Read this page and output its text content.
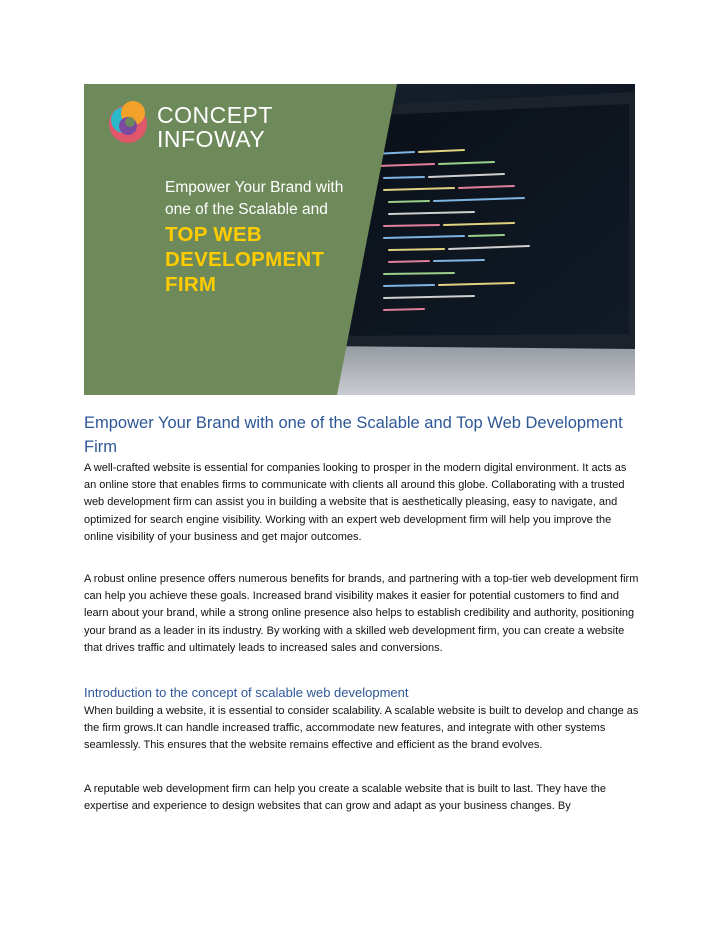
CONCEPT
INFOWAY
Empower Your Brand with
one of the Scalable and
TOP WEB
DEVELOPMENT
FIRM
Empower Your Brand with one of the Scalable and Top Web Development Firm

A well-crafted website is essential for companies looking to prosper in the modern digital environment. It acts as an online store that enables firms to communicate with clients all around this globe. Collaborating with a trusted web development firm can assist you in building a website that is aesthetically pleasing, easy to navigate, and optimized for search engine visibility. Working with an expert web development firm will help you improve the online visibility of your business and get major outcomes.

A robust online presence offers numerous benefits for brands, and partnering with a top-tier web development firm can help you achieve these goals. Increased brand visibility makes it easier for potential customers to find and learn about your brand, while a strong online presence also helps to establish credibility and authority, positioning your brand as a leader in its industry. By working with a skilled web development firm, you can create a website that drives traffic and ultimately leads to increased sales and conversions.

Introduction to the concept of scalable web development

When building a website, it is essential to consider scalability. A scalable website is built to develop and change as the firm grows.It can handle increased traffic, accommodate new features, and integrate with other systems seamlessly. This ensures that the website remains effective and efficient as the brand evolves.

A reputable web development firm can help you create a scalable website that is built to last. They have the expertise and experience to design websites that can grow and adapt as your business changes. By
